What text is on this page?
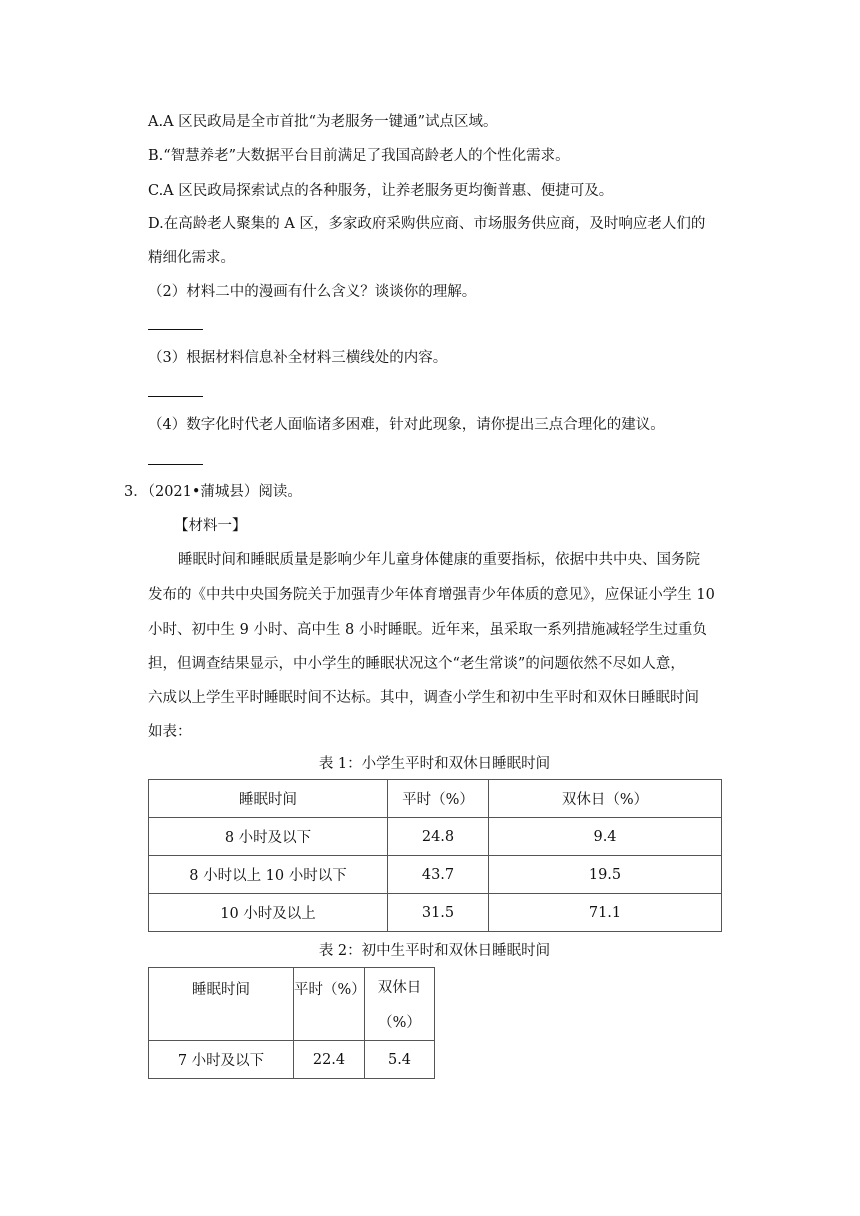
A.A 区民政局是全市首批“为老服务一键通”试点区域。
B.“智慧养老”大数据平台目前满足了我国高龄老人的个性化需求。
C.A 区民政局探索试点的各种服务，让养老服务更均衡普惠、便捷可及。
D.在高龄老人聚集的 A 区，多家政府采购供应商、市场服务供应商，及时响应老人们的
精细化需求。
（2）材料二中的漫画有什么含义？谈谈你的理解。
（3）根据材料信息补全材料三横线处的内容。
（4）数字化时代老人面临诸多困难，针对此现象，请你提出三点合理化的建议。
3．（2021•蒲城县）阅读。
【材料一】
睡眠时间和睡眠质量是影响少年儿童身体健康的重要指标，依据中共中央、国务院
发布的《中共中央国务院关于加强青少年体育增强青少年体质的意见》，应保证小学生 10
小时、初中生 9 小时、高中生 8 小时睡眠。近年来，虽采取一系列措施减轻学生过重负
担，但调查结果显示，中小学生的睡眠状况这个“老生常谈”的问题依然不尽如人意，
六成以上学生平时睡眠时间不达标。其中，调查小学生和初中生平时和双休日睡眠时间
如表：
表 1：小学生平时和双休日睡眠时间
睡眠时间	平时（%）	双休日（%）
8 小时及以下	24.8	9.4
8 小时以上 10 小时以下	43.7	19.5
10 小时及以上	31.5	71.1
表 2：初中生平时和双休日睡眠时间
睡眠时间	平时（%）	双休日
（%）

7 小时及以下	22.4	5.4
